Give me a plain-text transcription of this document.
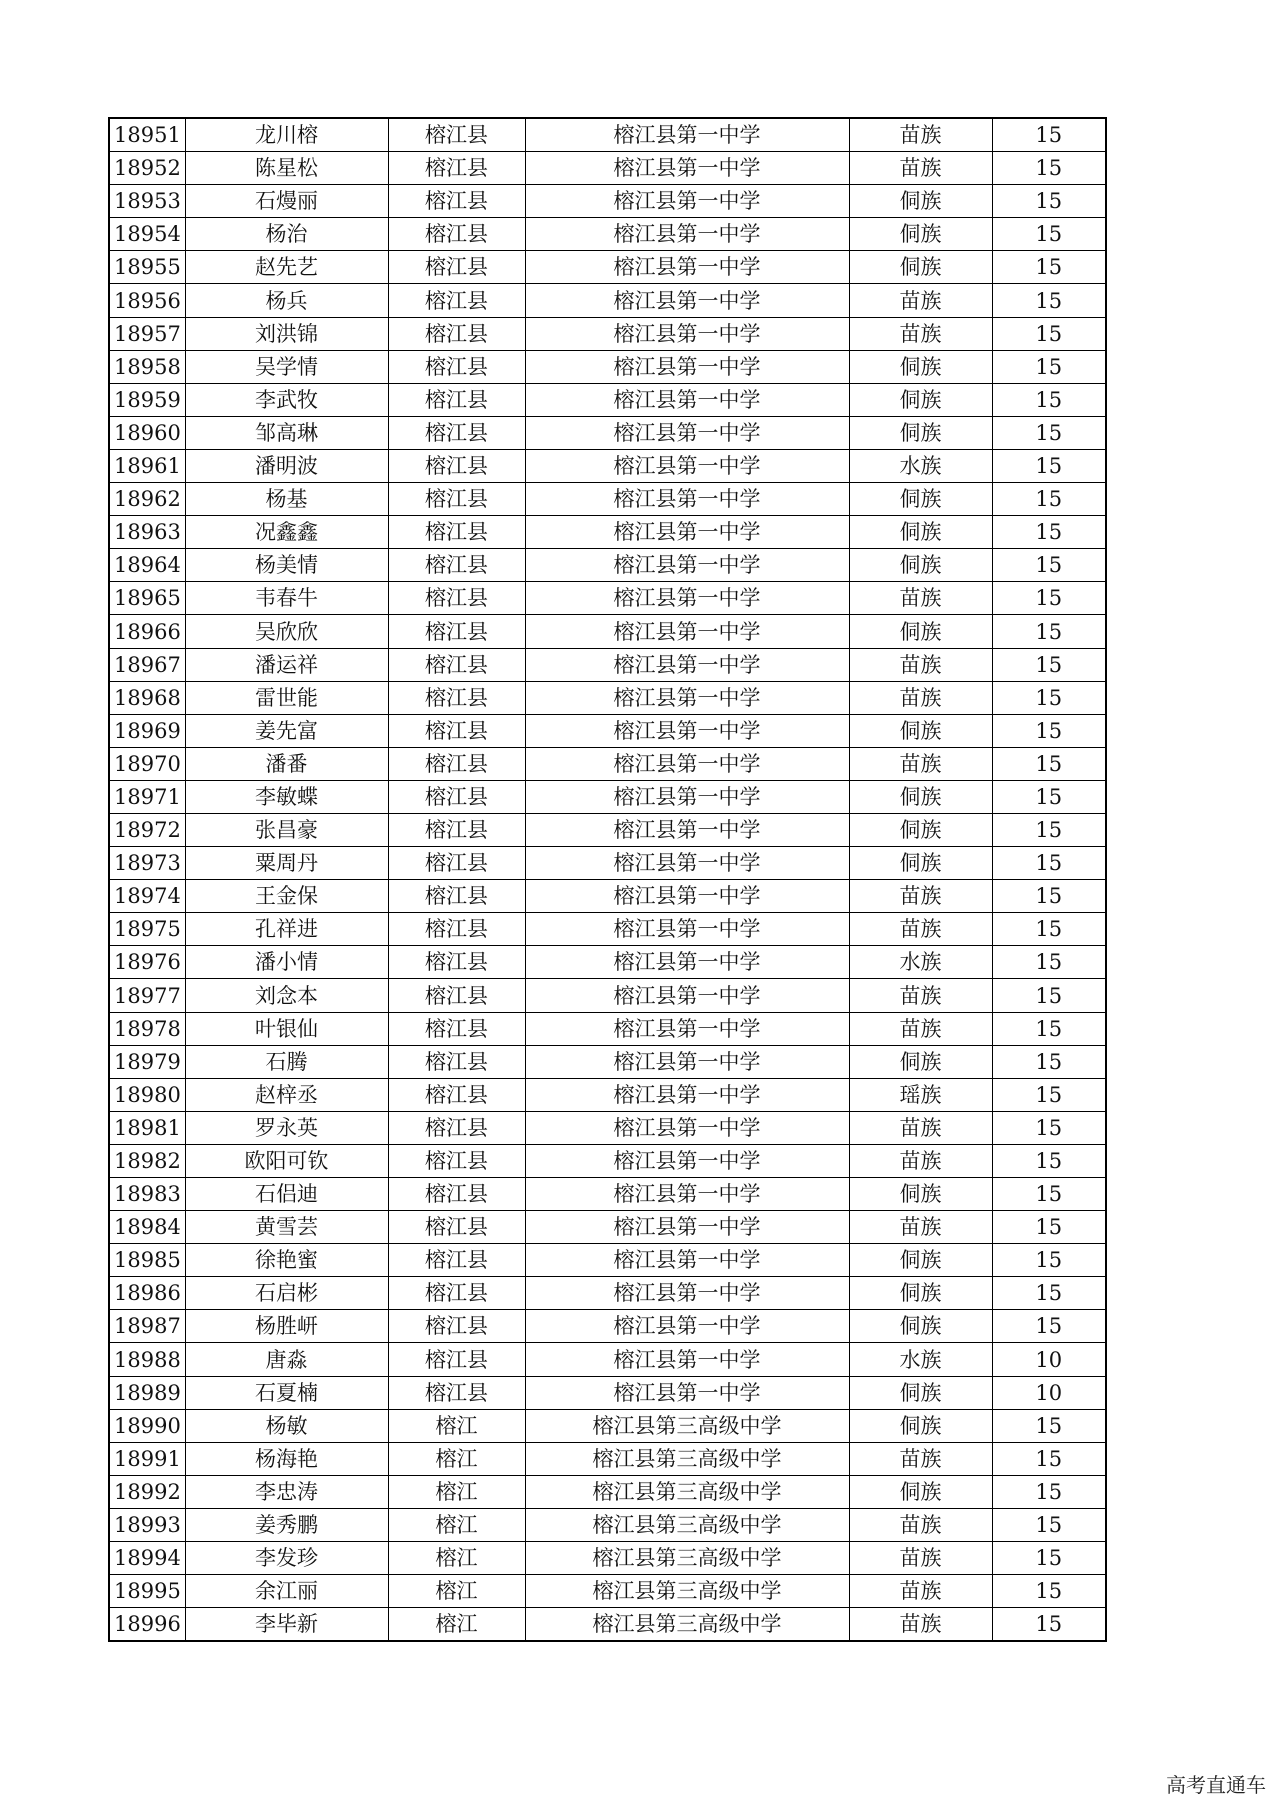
18951	龙川榕	榕江县	榕江县第一中学	苗族	15
18952	陈星松	榕江县	榕江县第一中学	苗族	15
18953	石熳丽	榕江县	榕江县第一中学	侗族	15
18954	杨治	榕江县	榕江县第一中学	侗族	15
18955	赵先艺	榕江县	榕江县第一中学	侗族	15
18956	杨兵	榕江县	榕江县第一中学	苗族	15
18957	刘洪锦	榕江县	榕江县第一中学	苗族	15
18958	吴学情	榕江县	榕江县第一中学	侗族	15
18959	李武牧	榕江县	榕江县第一中学	侗族	15
18960	邹高琳	榕江县	榕江县第一中学	侗族	15
18961	潘明波	榕江县	榕江县第一中学	水族	15
18962	杨基	榕江县	榕江县第一中学	侗族	15
18963	况鑫鑫	榕江县	榕江县第一中学	侗族	15
18964	杨美情	榕江县	榕江县第一中学	侗族	15
18965	韦春牛	榕江县	榕江县第一中学	苗族	15
18966	吴欣欣	榕江县	榕江县第一中学	侗族	15
18967	潘运祥	榕江县	榕江县第一中学	苗族	15
18968	雷世能	榕江县	榕江县第一中学	苗族	15
18969	姜先富	榕江县	榕江县第一中学	侗族	15
18970	潘番	榕江县	榕江县第一中学	苗族	15
18971	李敏蝶	榕江县	榕江县第一中学	侗族	15
18972	张昌豪	榕江县	榕江县第一中学	侗族	15
18973	粟周丹	榕江县	榕江县第一中学	侗族	15
18974	王金保	榕江县	榕江县第一中学	苗族	15
18975	孔祥进	榕江县	榕江县第一中学	苗族	15
18976	潘小情	榕江县	榕江县第一中学	水族	15
18977	刘念本	榕江县	榕江县第一中学	苗族	15
18978	叶银仙	榕江县	榕江县第一中学	苗族	15
18979	石腾	榕江县	榕江县第一中学	侗族	15
18980	赵梓丞	榕江县	榕江县第一中学	瑶族	15
18981	罗永英	榕江县	榕江县第一中学	苗族	15
18982	欧阳可钦	榕江县	榕江县第一中学	苗族	15
18983	石侣迪	榕江县	榕江县第一中学	侗族	15
18984	黄雪芸	榕江县	榕江县第一中学	苗族	15
18985	徐艳蜜	榕江县	榕江县第一中学	侗族	15
18986	石启彬	榕江县	榕江县第一中学	侗族	15
18987	杨胜岍	榕江县	榕江县第一中学	侗族	15
18988	唐淼	榕江县	榕江县第一中学	水族	10
18989	石夏楠	榕江县	榕江县第一中学	侗族	10
18990	杨敏	榕江	榕江县第三高级中学	侗族	15
18991	杨海艳	榕江	榕江县第三高级中学	苗族	15
18992	李忠涛	榕江	榕江县第三高级中学	侗族	15
18993	姜秀鹏	榕江	榕江县第三高级中学	苗族	15
18994	李发珍	榕江	榕江县第三高级中学	苗族	15
18995	余江丽	榕江	榕江县第三高级中学	苗族	15
18996	李毕新	榕江	榕江县第三高级中学	苗族	15
高考直通车
